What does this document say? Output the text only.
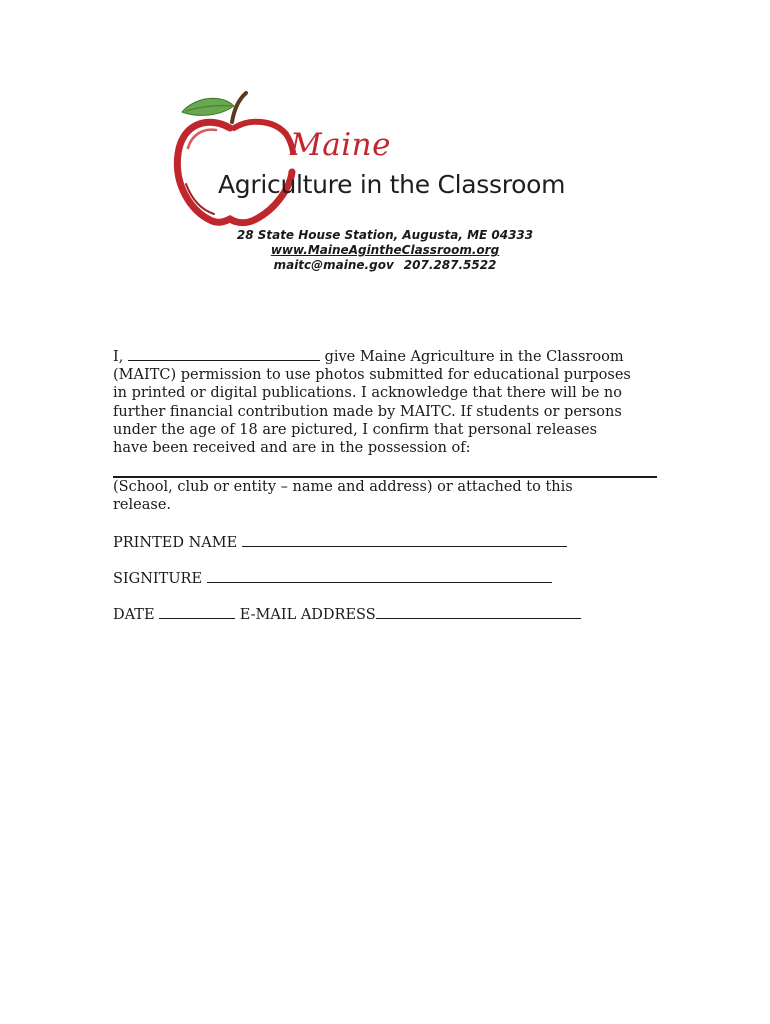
Maine
Agriculture in the Classroom
28 State House Station, Augusta, ME 04333
www.MaineAgintheClassroom.org
maitc@maine.gov 207.287.5522
I,	give Maine Agriculture in the Classroom
(MAITC) permission to use photos submitted for educational purposes
in printed or digital publications. I acknowledge that there will be no
further financial contribution made by MAITC. If students or persons
under the age of 18 are pictured, I confirm that personal releases
have been received and are in the possession of:
(School, club or entity – name and address) or attached to this release.
PRINTED NAME
SIGNITURE
DATE	E-MAIL ADDRESS
